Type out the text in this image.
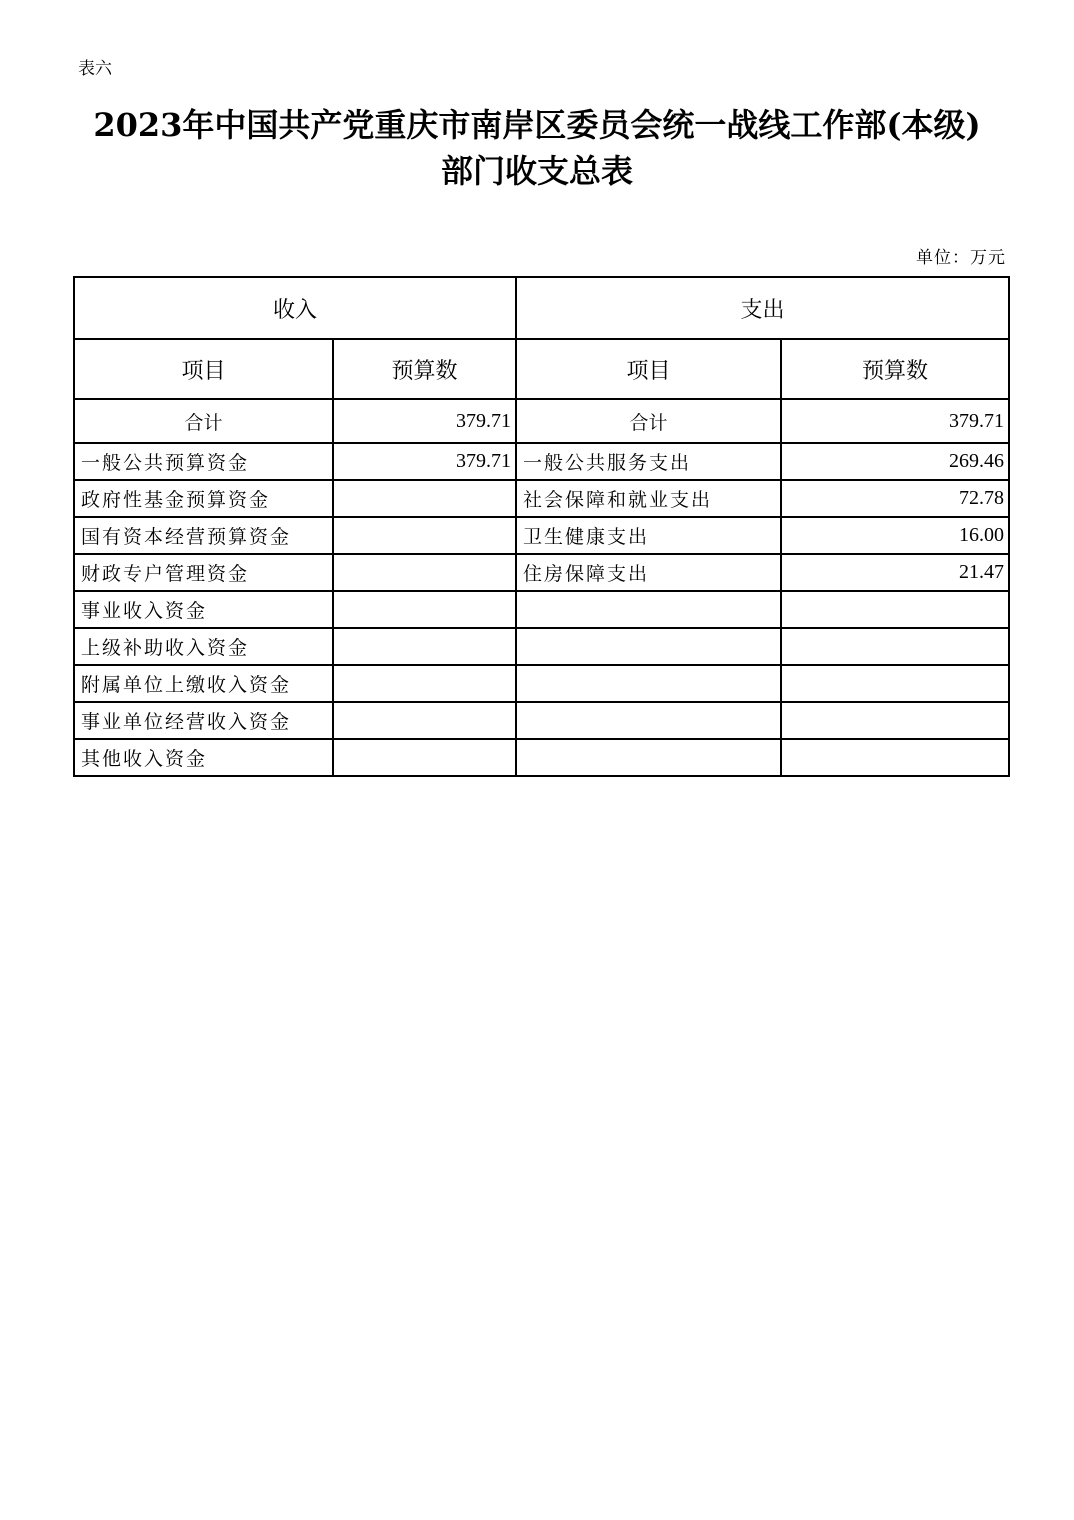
表六
2023年中国共产党重庆市南岸区委员会统一战线工作部(本级)
部门收支总表
单位：万元
收入		支出	
项目	预算数	项目	预算数
合计	379.71	合计	379.71
一般公共预算资金	379.71	一般公共服务支出	269.46
政府性基金预算资金		社会保障和就业支出	72.78
国有资本经营预算资金		卫生健康支出	16.00
财政专户管理资金		住房保障支出	21.47
事业收入资金			
上级补助收入资金			
附属单位上缴收入资金			
事业单位经营收入资金			
其他收入资金			
